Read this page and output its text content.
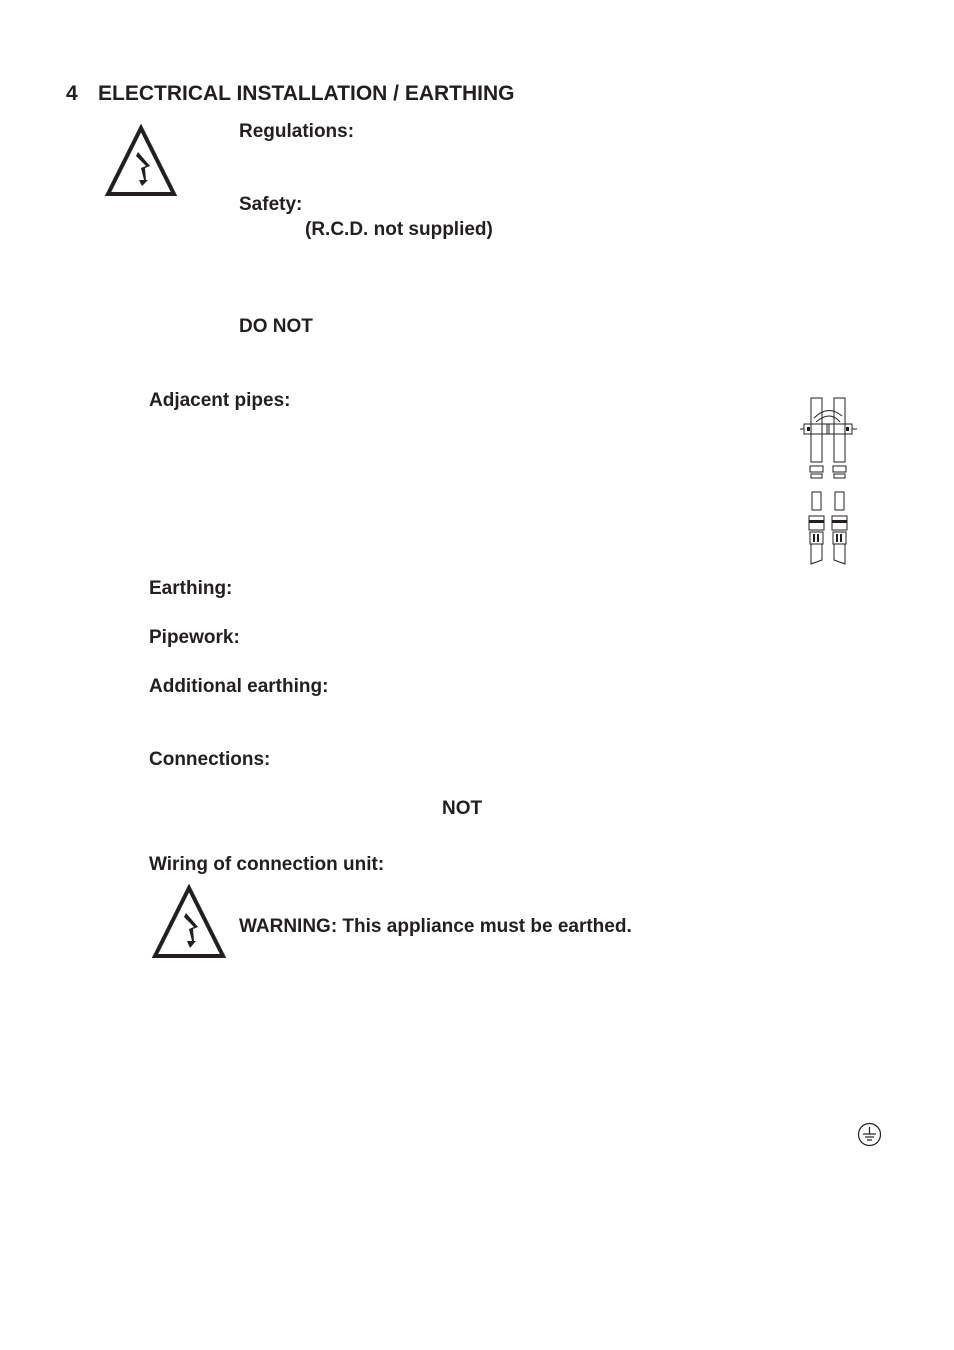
4 ELECTRICAL INSTALLATION / EARTHING
Regulations:
Safety:
(R.C.D. not supplied)
DO NOT
Adjacent pipes:
Earthing:
Pipework:
Additional earthing:
Connections:
NOT
Wiring of connection unit:
WARNING: This appliance must be earthed.
